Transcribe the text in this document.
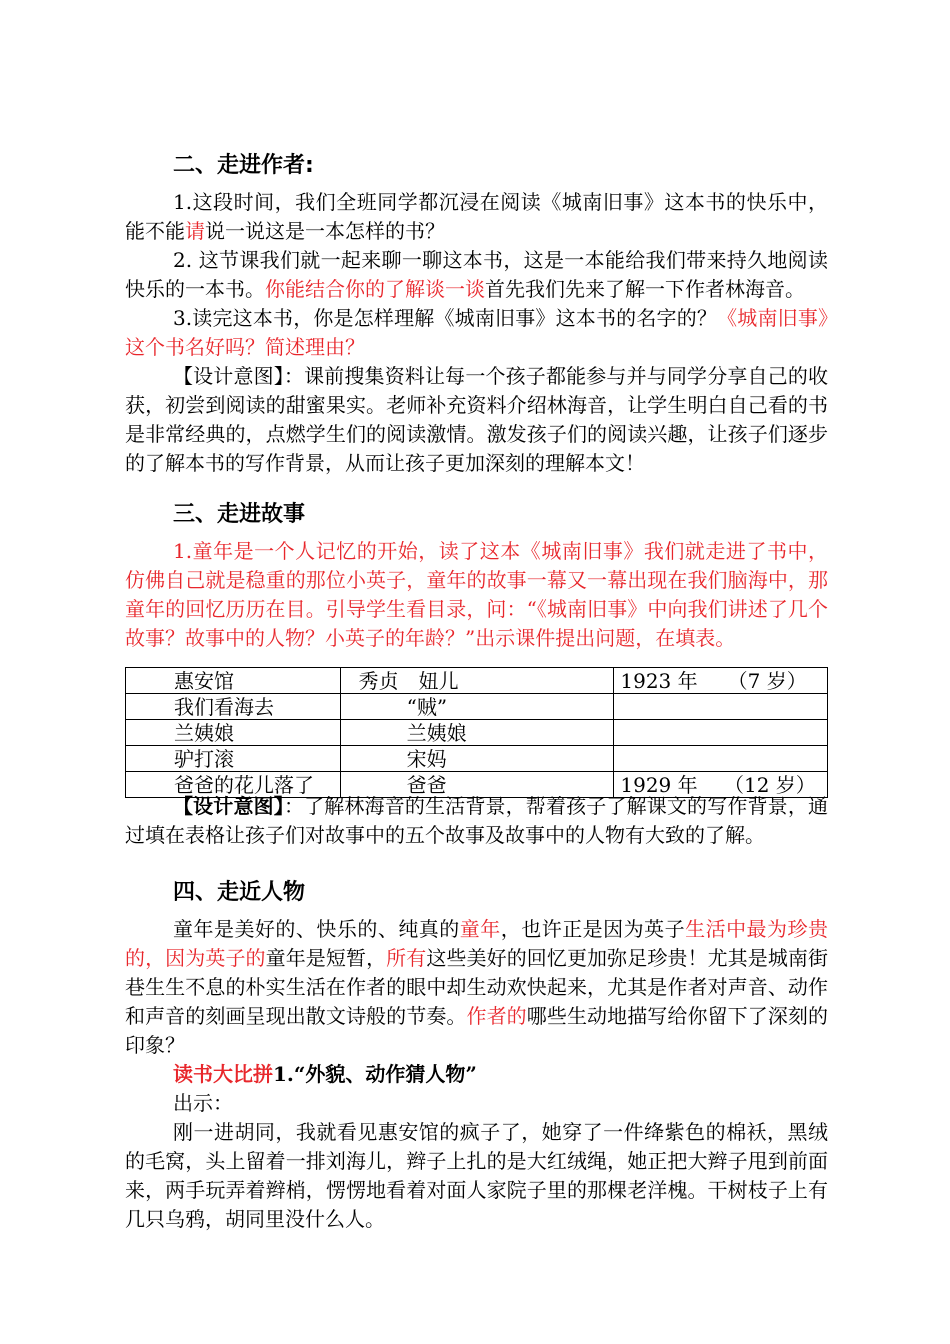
二、走进作者:

1.这段时间，我们全班同学都沉浸在阅读《城南旧事》这本书的快乐中，能不能请说一说这是一本怎样的书？

2. 这节课我们就一起来聊一聊这本书，这是一本能给我们带来持久地阅读快乐的一本书。你能结合你的了解谈一谈首先我们先来了解一下作者林海音。

3.读完这本书，你是怎样理解《城南旧事》这本书的名字的？《城南旧事》这个书名好吗？简述理由？

【设计意图】：课前搜集资料让每一个孩子都能参与并与同学分享自己的收获，初尝到阅读的甜蜜果实。老师补充资料介绍林海音，让学生明白自己看的书是非常经典的，点燃学生们的阅读激情。激发孩子们的阅读兴趣，让孩子们逐步的了解本书的写作背景，从而让孩子更加深刻的理解本文！

三、走进故事

1.童年是一个人记忆的开始，读了这本《城南旧事》我们就走进了书中，仿佛自己就是稳重的那位小英子，童年的故事一幕又一幕出现在我们脑海中，那童年的回忆历历在目。引导学生看目录，问：“《城南旧事》中向我们讲述了几个故事？故事中的人物？小英子的年龄？”出示课件提出问题，在填表。

惠安馆	秀贞　妞儿	1923 年　　（7 岁）
我们看海去	“贼”	
兰姨娘	兰姨娘	
驴打滚	宋妈	
爸爸的花儿落了	爸爸	1929 年　 （12 岁）

【设计意图】：了解林海音的生活背景，帮着孩子了解课文的写作背景，通过填在表格让孩子们对故事中的五个故事及故事中的人物有大致的了解。

四、走近人物

童年是美好的、快乐的、纯真的童年，也许正是因为英子生活中最为珍贵的，因为英子的童年是短暂，所有这些美好的回忆更加弥足珍贵！尤其是城南街巷生生不息的朴实生活在作者的眼中却生动欢快起来，尤其是作者对声音、动作和声音的刻画呈现出散文诗般的节奏。作者的哪些生动地描写给你留下了深刻的印象？

读书大比拼1.“外貌、动作猜人物”

出示：

刚一进胡同，我就看见惠安馆的疯子了，她穿了一件绛紫色的棉袄，黑绒的毛窝，头上留着一排刘海儿，辫子上扎的是大红绒绳，她正把大辫子甩到前面来，两手玩弄着辫梢，愣愣地看着对面人家院子里的那棵老洋槐。干树枝子上有几只乌鸦，胡同里没什么人。
